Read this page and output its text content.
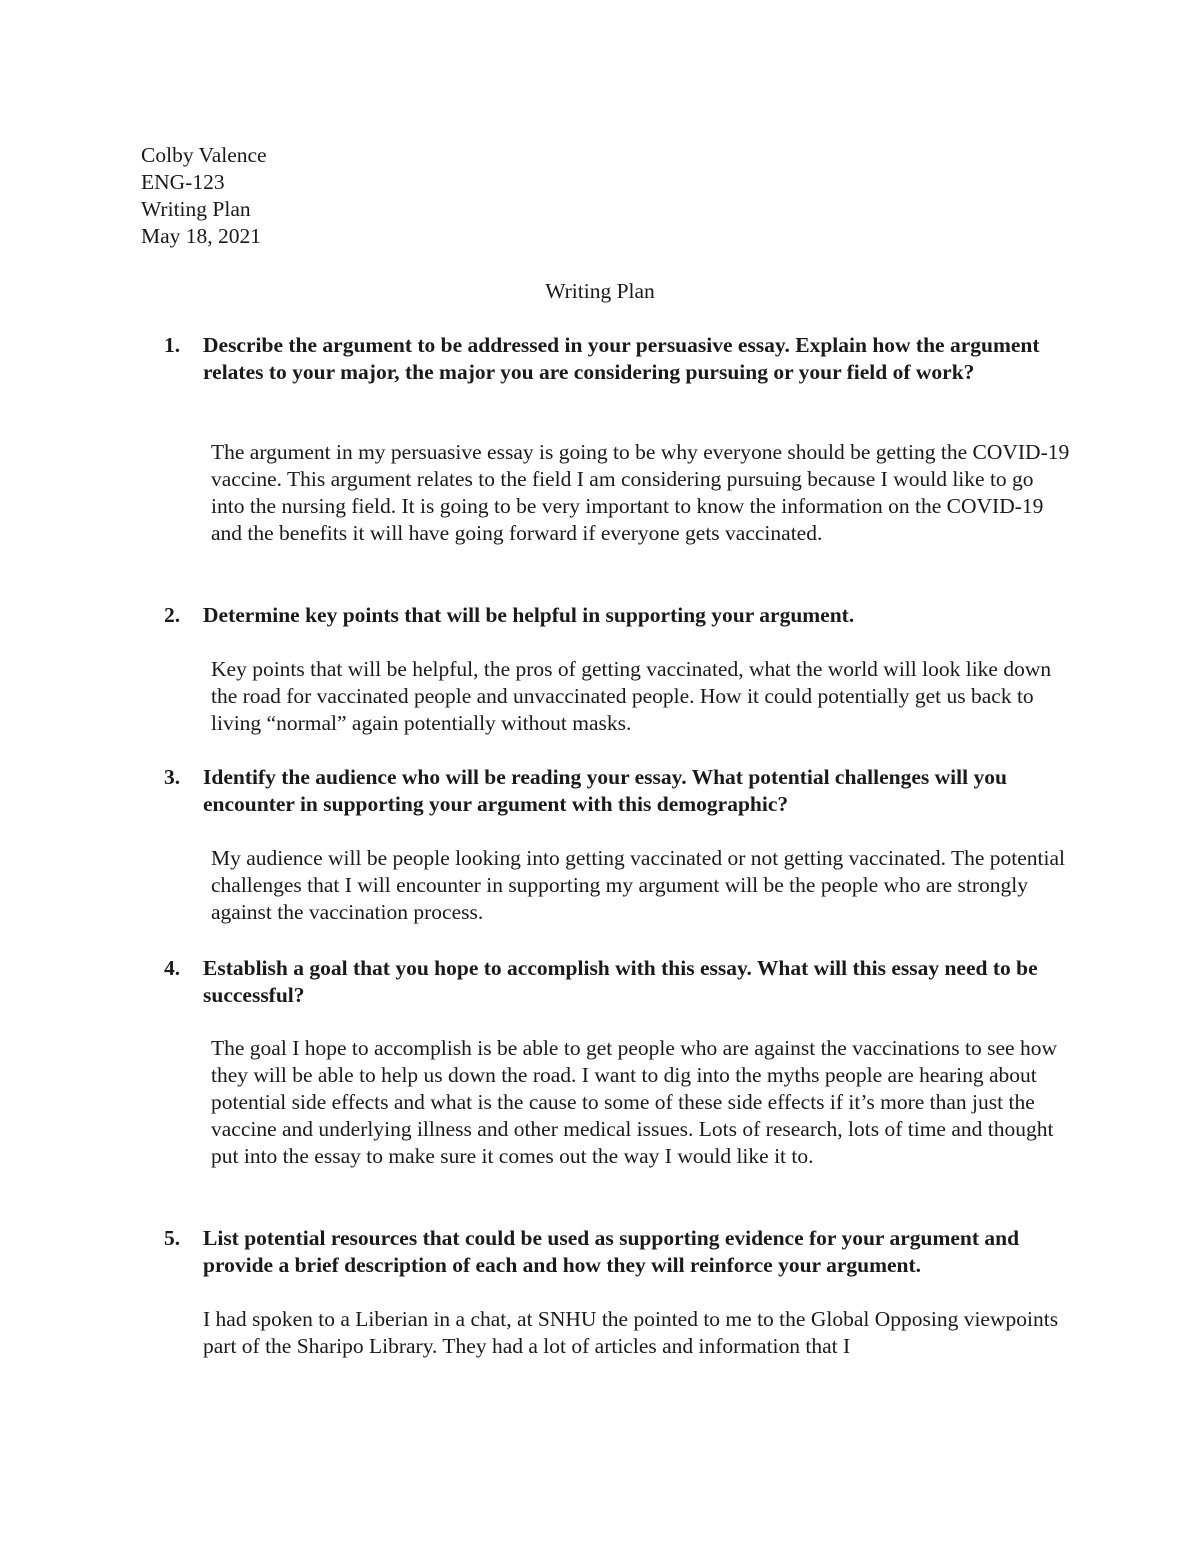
Colby Valence
ENG-123
Writing Plan
May 18, 2021
Writing Plan
1.	Describe the argument to be addressed in your persuasive essay. Explain how the argument relates to your major, the major you are considering pursuing or your field of work?
The argument in my persuasive essay is going to be why everyone should be getting the COVID-19 vaccine. This argument relates to the field I am considering pursuing because I would like to go into the nursing field. It is going to be very important to know the information on the COVID-19 and the benefits it will have going forward if everyone gets vaccinated.
2.	Determine key points that will be helpful in supporting your argument.
Key points that will be helpful, the pros of getting vaccinated, what the world will look like down the road for vaccinated people and unvaccinated people. How it could potentially get us back to living “normal” again potentially without masks.
3.	Identify the audience who will be reading your essay. What potential challenges will you encounter in supporting your argument with this demographic?
My audience will be people looking into getting vaccinated or not getting vaccinated. The potential challenges that I will encounter in supporting my argument will be the people who are strongly against the vaccination process.
4.	Establish a goal that you hope to accomplish with this essay. What will this essay need to be successful?
The goal I hope to accomplish is be able to get people who are against the vaccinations to see how they will be able to help us down the road. I want to dig into the myths people are hearing about potential side effects and what is the cause to some of these side effects if it’s more than just the vaccine and underlying illness and other medical issues. Lots of research, lots of time and thought put into the essay to make sure it comes out the way I would like it to.
5.	List potential resources that could be used as supporting evidence for your argument and provide a brief description of each and how they will reinforce your argument.
I had spoken to a Liberian in a chat, at SNHU the pointed to me to the Global Opposing viewpoints part of the Sharipo Library. They had a lot of articles and information that I
